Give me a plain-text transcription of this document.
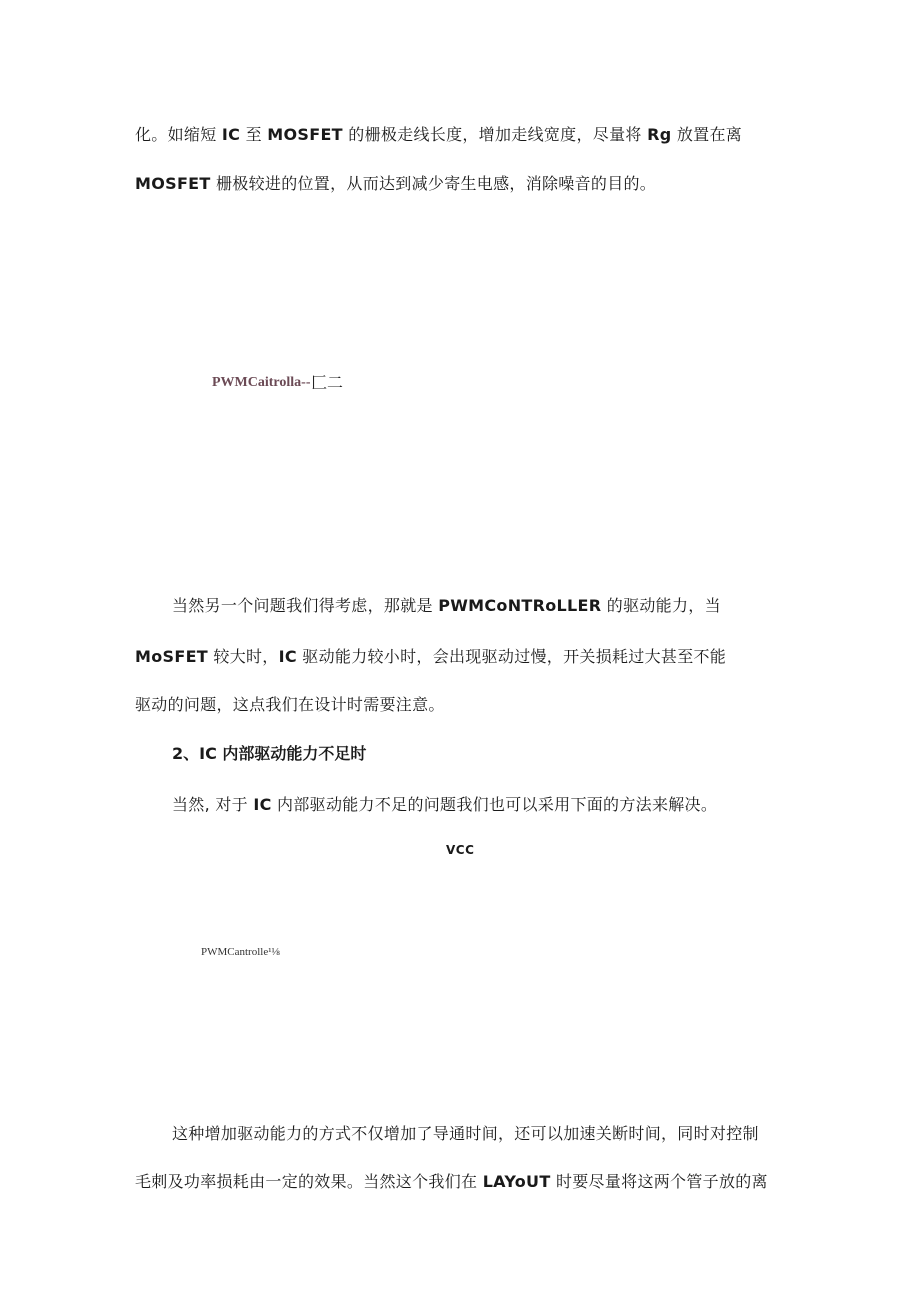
化。如缩短 IC 至 MOSFET 的栅极走线长度，增加走线宽度，尽量将 Rg 放置在离
MOSFET 栅极较进的位置，从而达到减少寄生电感，消除噪音的目的。
PWMCaitrolla-- 匚二
当然另一个问题我们得考虑，那就是 PWMCoNTRoLLER 的驱动能力，当
MoSFET 较大时，IC 驱动能力较小时，会出现驱动过慢，开关损耗过大甚至不能
驱动的问题，这点我们在设计时需要注意。
2、IC 内部驱动能力不足时
当然, 对于 IC 内部驱动能力不足的问题我们也可以采用下面的方法来解决。
VCC
PWMCantrolle¹⅛
这种增加驱动能力的方式不仅增加了导通时间，还可以加速关断时间，同时对控制
毛刺及功率损耗由一定的效果。当然这个我们在 LAYoUT 时要尽量将这两个管子放的离
